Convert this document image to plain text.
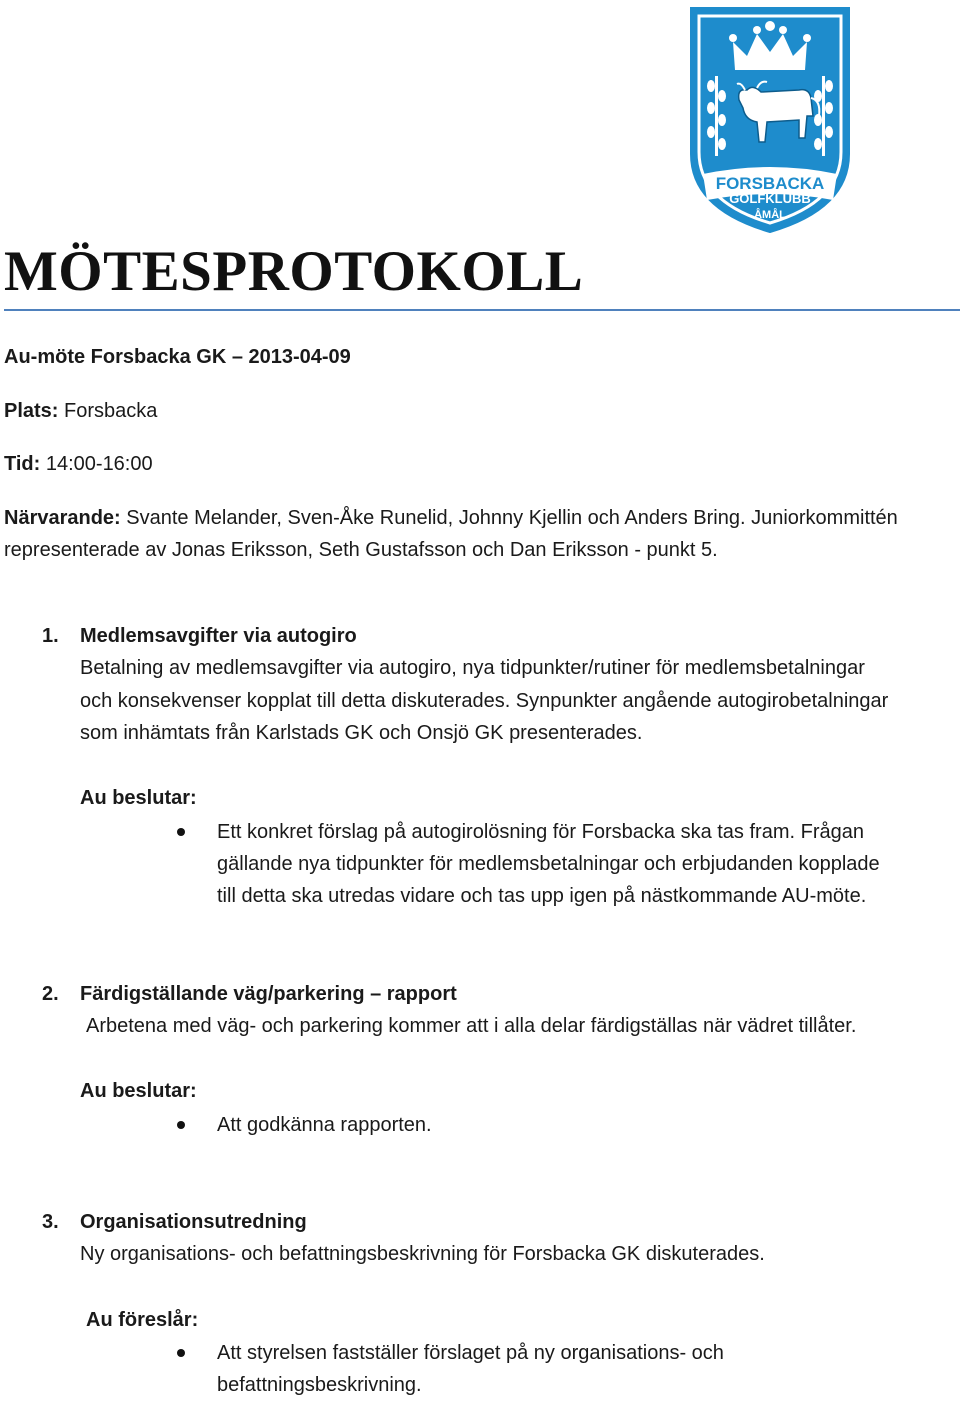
FORSBACKA
GOLFKLUBB
ÅMÅL
MÖTESPROTOKOLL
Au-möte Forsbacka GK – 2013-04-09
Plats: Forsbacka
Tid: 14:00-16:00
Närvarande: Svante Melander, Sven-Åke Runelid, Johnny Kjellin och Anders Bring. Juniorkommittén
representerade av Jonas Eriksson, Seth Gustafsson och Dan Eriksson - punkt 5.
1. Medlemsavgifter via autogiro
Betalning av medlemsavgifter via autogiro, nya tidpunkter/rutiner för medlemsbetalningar
och konsekvenser kopplat till detta diskuterades. Synpunkter angående autogirobetalningar
som inhämtats från Karlstads GK och Onsjö GK presenterades.
Au beslutar:
Ett konkret förslag på autogirolösning för Forsbacka ska tas fram. Frågan
gällande nya tidpunkter för medlemsbetalningar och erbjudanden kopplade
till detta ska utredas vidare och tas upp igen på nästkommande AU-möte.
2. Färdigställande väg/parkering – rapport
Arbetena med väg- och parkering kommer att i alla delar färdigställas när vädret tillåter.
Au beslutar:
Att godkänna rapporten.
3. Organisationsutredning
Ny organisations- och befattningsbeskrivning för Forsbacka GK diskuterades.
Au föreslår:
Att styrelsen fastställer förslaget på ny organisations- och
befattningsbeskrivning.
